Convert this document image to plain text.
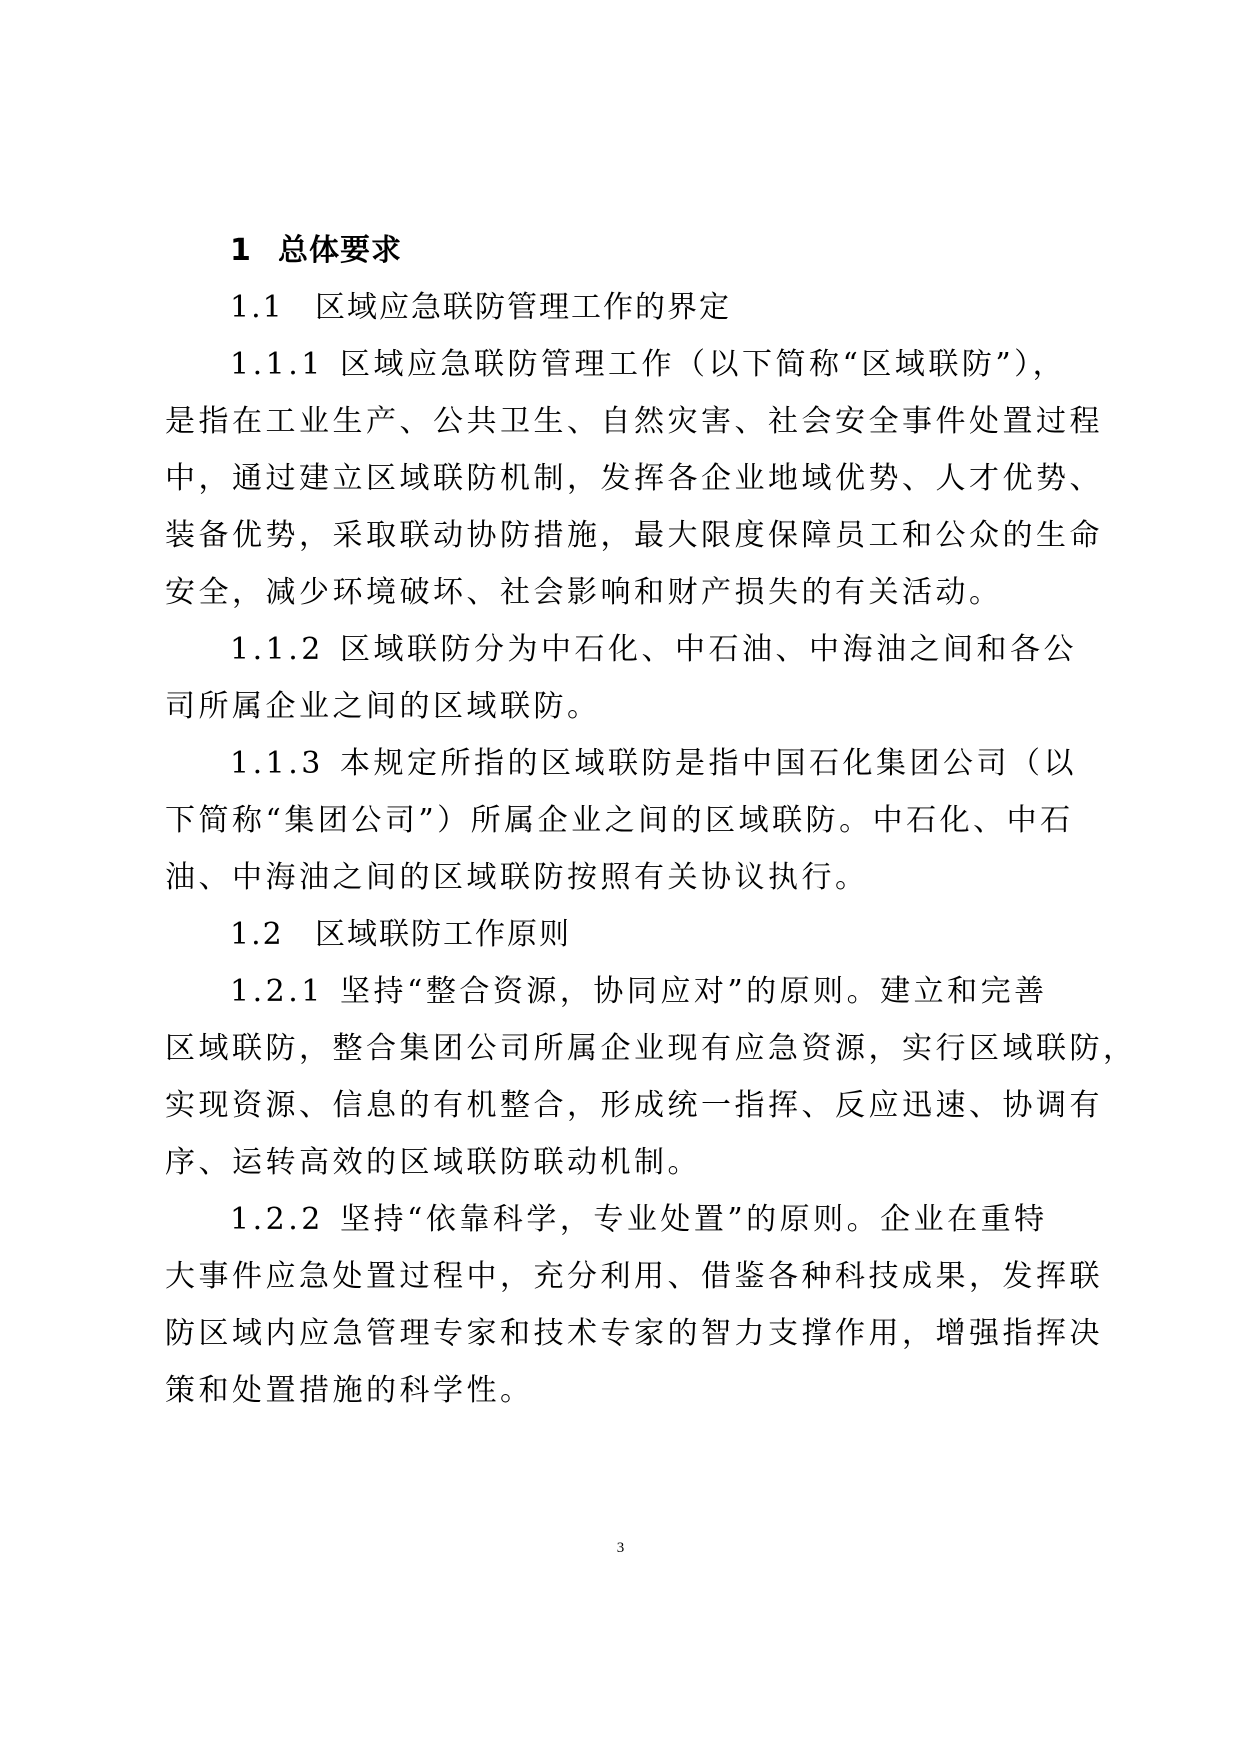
1 总体要求

1.1 区域应急联防管理工作的界定

1.1.1 区域应急联防管理工作（以下简称“区域联防”），
是指在工业生产、公共卫生、自然灾害、社会安全事件处置过程
中，通过建立区域联防机制，发挥各企业地域优势、人才优势、
装备优势，采取联动协防措施，最大限度保障员工和公众的生命
安全，减少环境破坏、社会影响和财产损失的有关活动。

1.1.2 区域联防分为中石化、中石油、中海油之间和各公
司所属企业之间的区域联防。

1.1.3 本规定所指的区域联防是指中国石化集团公司（以
下简称“集团公司”）所属企业之间的区域联防。中石化、中石
油、中海油之间的区域联防按照有关协议执行。

1.2 区域联防工作原则

1.2.1 坚持“整合资源，协同应对”的原则。建立和完善
区域联防，整合集团公司所属企业现有应急资源，实行区域联防，
实现资源、信息的有机整合，形成统一指挥、反应迅速、协调有
序、运转高效的区域联防联动机制。

1.2.2 坚持“依靠科学，专业处置”的原则。企业在重特
大事件应急处置过程中，充分利用、借鉴各种科技成果，发挥联
防区域内应急管理专家和技术专家的智力支撑作用，增强指挥决
策和处置措施的科学性。

3
